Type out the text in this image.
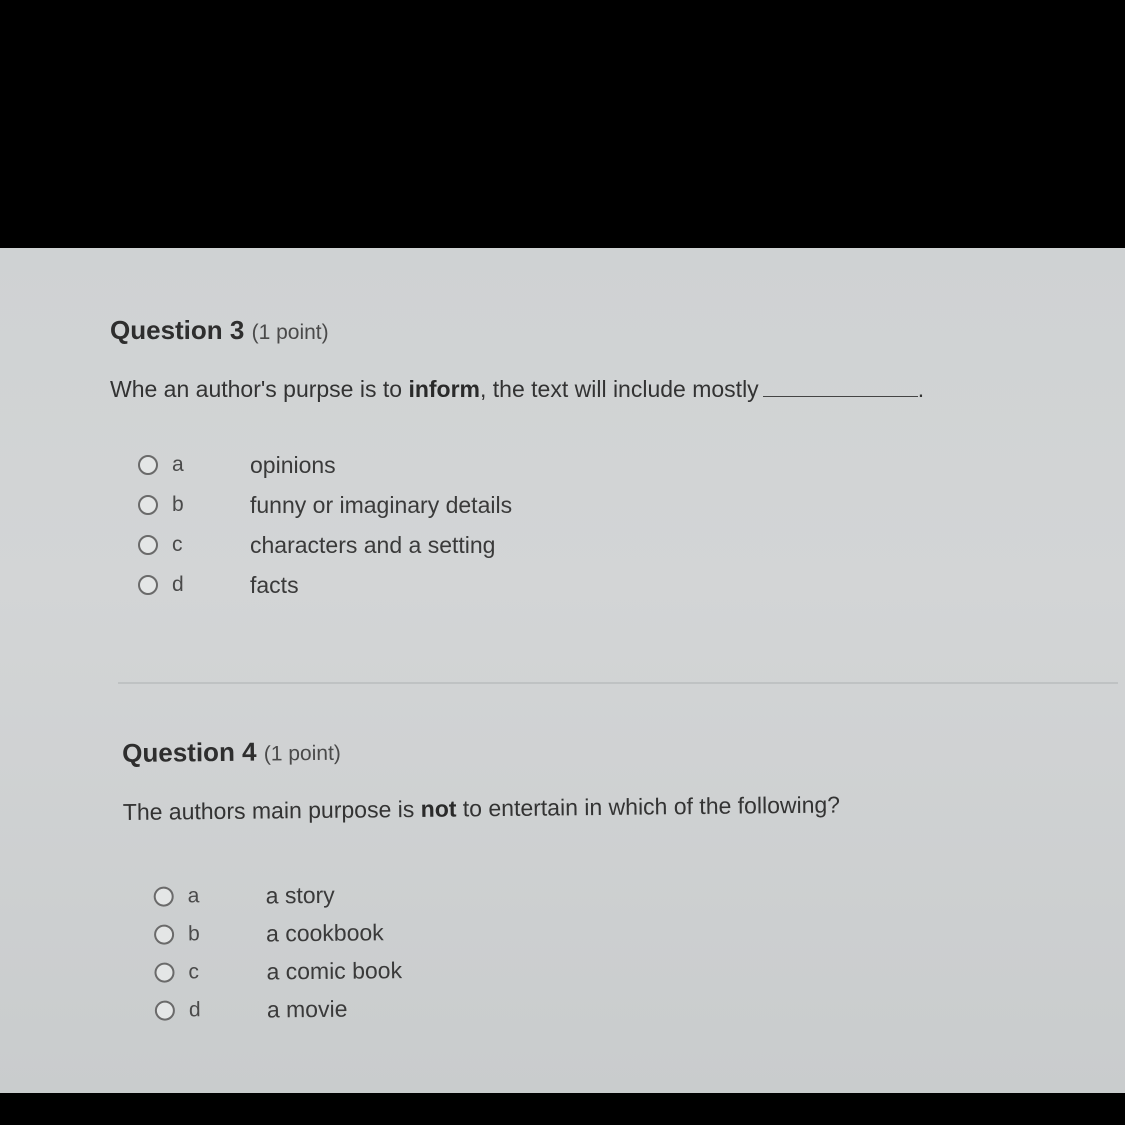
Question 3 (1 point)

Whe an author's purpse is to inform, the text will include mostly	.
a	opinions
b	funny or imaginary details
c	characters and a setting
d	facts

Question 4 (1 point)

The authors main purpose is not to entertain in which of the following?
a	a story
b	a cookbook
c	a comic book
d	a movie
